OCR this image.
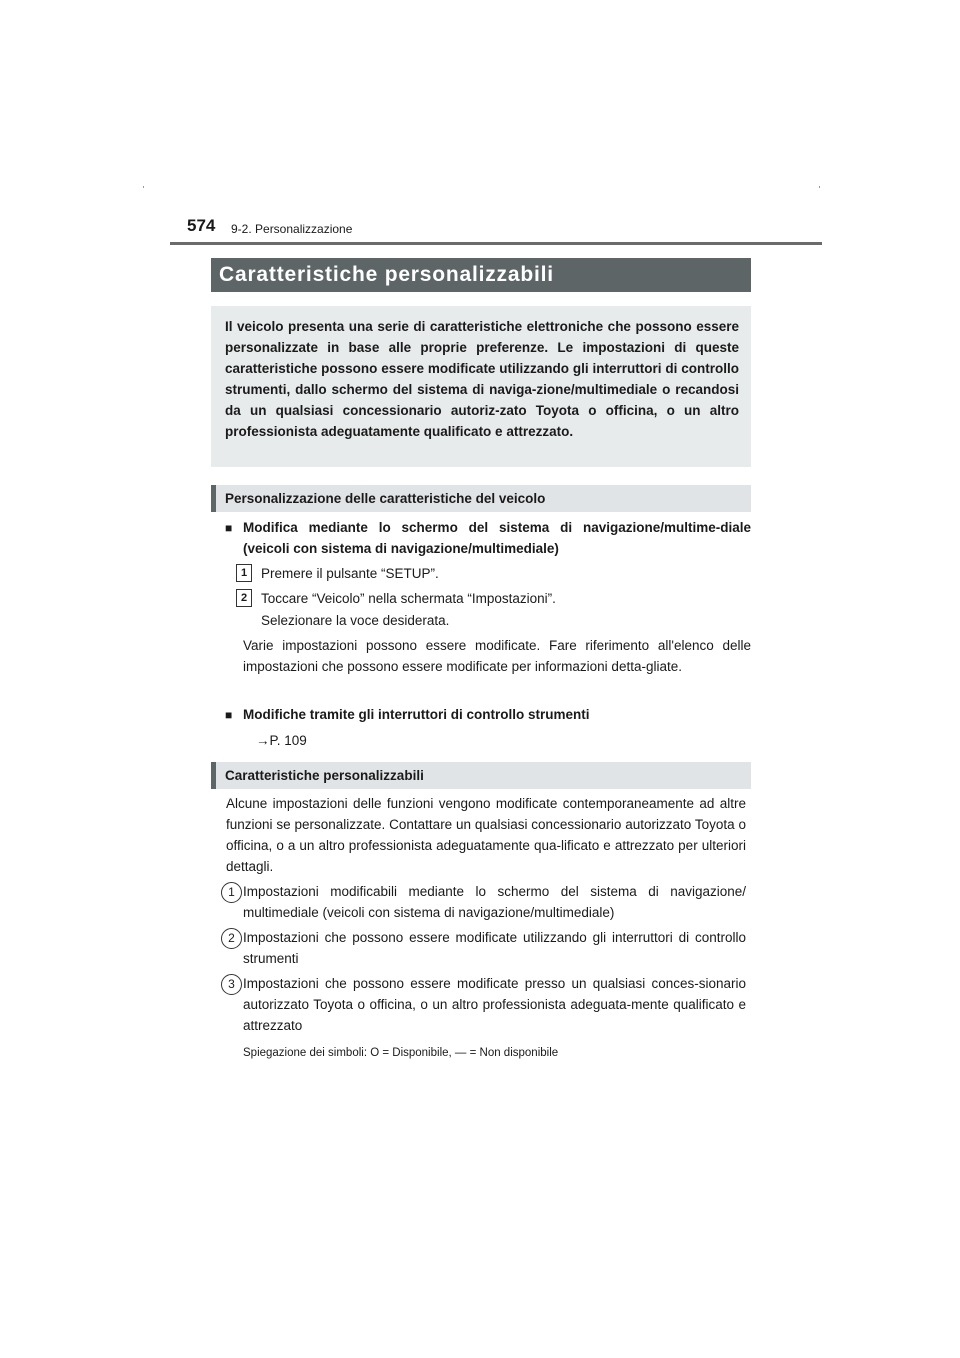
574 9-2. Personalizzazione
Caratteristiche personalizzabili
Il veicolo presenta una serie di caratteristiche elettroniche che possono essere personalizzate in base alle proprie preferenze. Le impostazioni di queste caratteristiche possono essere modificate utilizzando gli interruttori di controllo strumenti, dallo schermo del sistema di naviga-zione/multimediale o recandosi da un qualsiasi concessionario autoriz-zato Toyota o officina, o un altro professionista adeguatamente qualificato e attrezzato.
Personalizzazione delle caratteristiche del veicolo
■ Modifica mediante lo schermo del sistema di navigazione/multime-diale (veicoli con sistema di navigazione/multimediale)
1	Premere il pulsante “SETUP”.
2	Toccare “Veicolo” nella schermata “Impostazioni”.
Selezionare la voce desiderata.
Varie impostazioni possono essere modificate. Fare riferimento all'elenco delle impostazioni che possono essere modificate per informazioni detta-gliate.
■ Modifiche tramite gli interruttori di controllo strumenti
→P. 109
Caratteristiche personalizzabili
Alcune impostazioni delle funzioni vengono modificate contemporaneamente ad altre funzioni se personalizzate. Contattare un qualsiasi concessionario autorizzato Toyota o officina, o a un altro professionista adeguatamente qua-lificato e attrezzato per ulteriori dettagli.
1 Impostazioni modificabili mediante lo schermo del sistema di navigazione/ multimediale (veicoli con sistema di navigazione/multimediale)
2 Impostazioni che possono essere modificate utilizzando gli interruttori di controllo strumenti
3 Impostazioni che possono essere modificate presso un qualsiasi conces-sionario autorizzato Toyota o officina, o un altro professionista adeguata-mente qualificato e attrezzato
Spiegazione dei simboli: O = Disponibile, — = Non disponibile
